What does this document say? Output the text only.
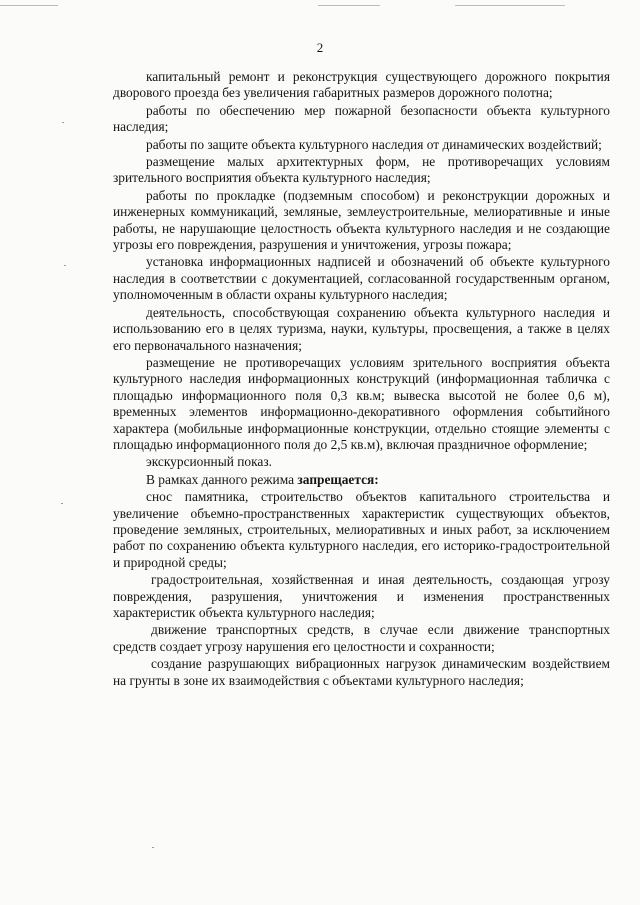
2

капитальный ремонт и реконструкция существующего дорожного покрытия дворового проезда без увеличения габаритных размеров дорожного полотна;

работы по обеспечению мер пожарной безопасности объекта культурного наследия;

работы по защите объекта культурного наследия от динамических воздействий;

размещение малых архитектурных форм, не противоречащих условиям зрительного восприятия объекта культурного наследия;

работы по прокладке (подземным способом) и реконструкции дорожных и инженерных коммуникаций, земляные, землеустроительные, мелиоративные и иные работы, не нарушающие целостность объекта культурного наследия и не создающие угрозы его повреждения, разрушения и уничтожения, угрозы пожара;

установка информационных надписей и обозначений об объекте культурного наследия в соответствии с документацией, согласованной государственным органом, уполномоченным в области охраны культурного наследия;

деятельность, способствующая сохранению объекта культурного наследия и использованию его в целях туризма, науки, культуры, просвещения, а также в целях его первоначального назначения;

размещение не противоречащих условиям зрительного восприятия объекта культурного наследия информационных конструкций (информационная табличка с площадью информационного поля 0,3 кв.м; вывеска высотой не более 0,6 м), временных элементов информационно-декоративного оформления событийного характера (мобильные информационные конструкции, отдельно стоящие элементы с площадью информационного поля до 2,5 кв.м), включая праздничное оформление;

экскурсионный показ.

В рамках данного режима запрещается:

снос памятника, строительство объектов капитального строительства и увеличение объемно-пространственных характеристик существующих объектов, проведение земляных, строительных, мелиоративных и иных работ, за исключением работ по сохранению объекта культурного наследия, его историко-градостроительной и природной среды;

градостроительная, хозяйственная и иная деятельность, создающая угрозу повреждения, разрушения, уничтожения и изменения пространственных характеристик объекта культурного наследия;

движение транспортных средств, в случае если движение транспортных средств создает угрозу нарушения его целостности и сохранности;

создание разрушающих вибрационных нагрузок динамическим воздействием на грунты в зоне их взаимодействия с объектами культурного наследия;
